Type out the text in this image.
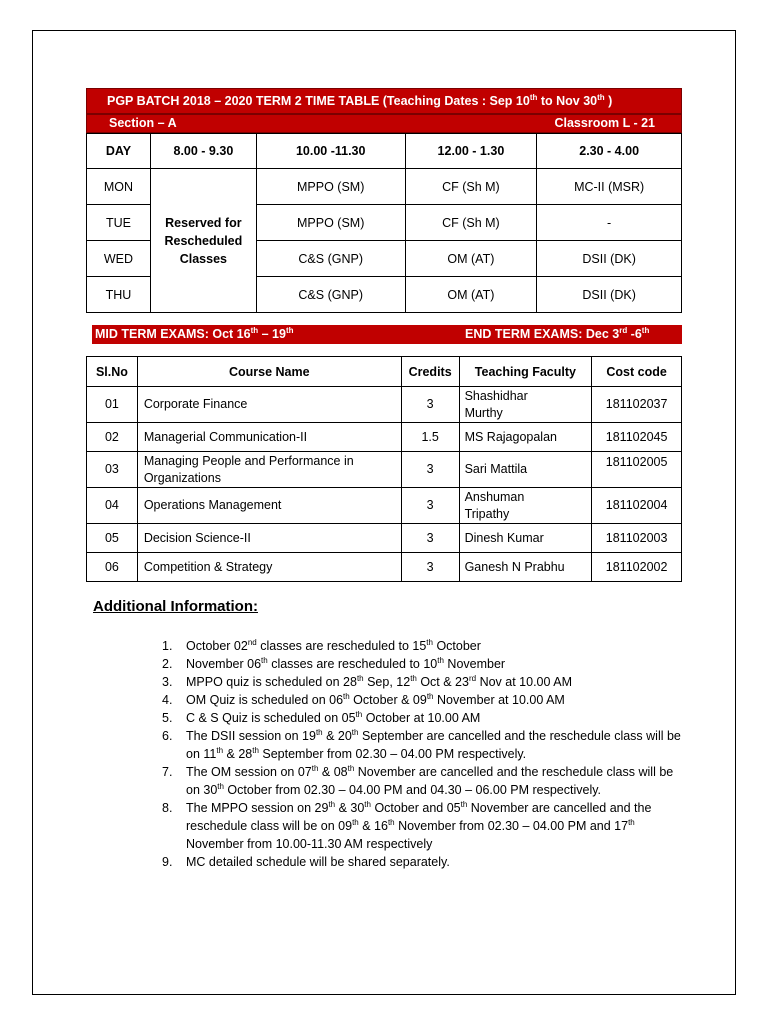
PGP BATCH 2018 – 2020 TERM 2 TIME TABLE (Teaching Dates : Sep 10th to Nov 30th )
Section – A	Classroom L - 21
DAY	8.00 - 9.30	10.00 -11.30	12.00 - 1.30	2.30 - 4.00
MON	Reserved for Rescheduled Classes	MPPO (SM)	CF (Sh M)	MC-II (MSR)
TUE		MPPO (SM)	CF (Sh M)	-
WED		C&S (GNP)	OM (AT)	DSII (DK)
THU		C&S (GNP)	OM (AT)	DSII (DK)
MID TERM EXAMS: Oct 16th – 19th	END TERM EXAMS: Dec 3rd -6th
Sl.No	Course Name	Credits	Teaching Faculty	Cost code
01	Corporate Finance	3	Shashidhar Murthy	181102037
02	Managerial Communication-II	1.5	MS Rajagopalan	181102045
03	Managing People and Performance in Organizations	3	Sari Mattila	181102005
04	Operations Management	3	Anshuman Tripathy	181102004
05	Decision Science-II	3	Dinesh Kumar	181102003
06	Competition & Strategy	3	Ganesh N Prabhu	181102002
Additional Information:
1. October 02nd classes are rescheduled to 15th October
2. November 06th classes are rescheduled to 10th November
3. MPPO quiz is scheduled on 28th Sep, 12th Oct & 23rd Nov at 10.00 AM
4. OM Quiz is scheduled on 06th October & 09th November at 10.00 AM
5. C & S Quiz is scheduled on 05th October at 10.00 AM
6. The DSII session on 19th & 20th September are cancelled and the reschedule class will be on 11th & 28th September from 02.30 – 04.00 PM respectively.
7. The OM session on 07th & 08th November are cancelled and the reschedule class will be on 30th October from 02.30 – 04.00 PM and 04.30 – 06.00 PM respectively.
8. The MPPO session on 29th & 30th October and 05th November are cancelled and the reschedule class will be on 09th & 16th November from 02.30 – 04.00 PM and 17th November from 10.00-11.30 AM respectively
9. MC detailed schedule will be shared separately.
